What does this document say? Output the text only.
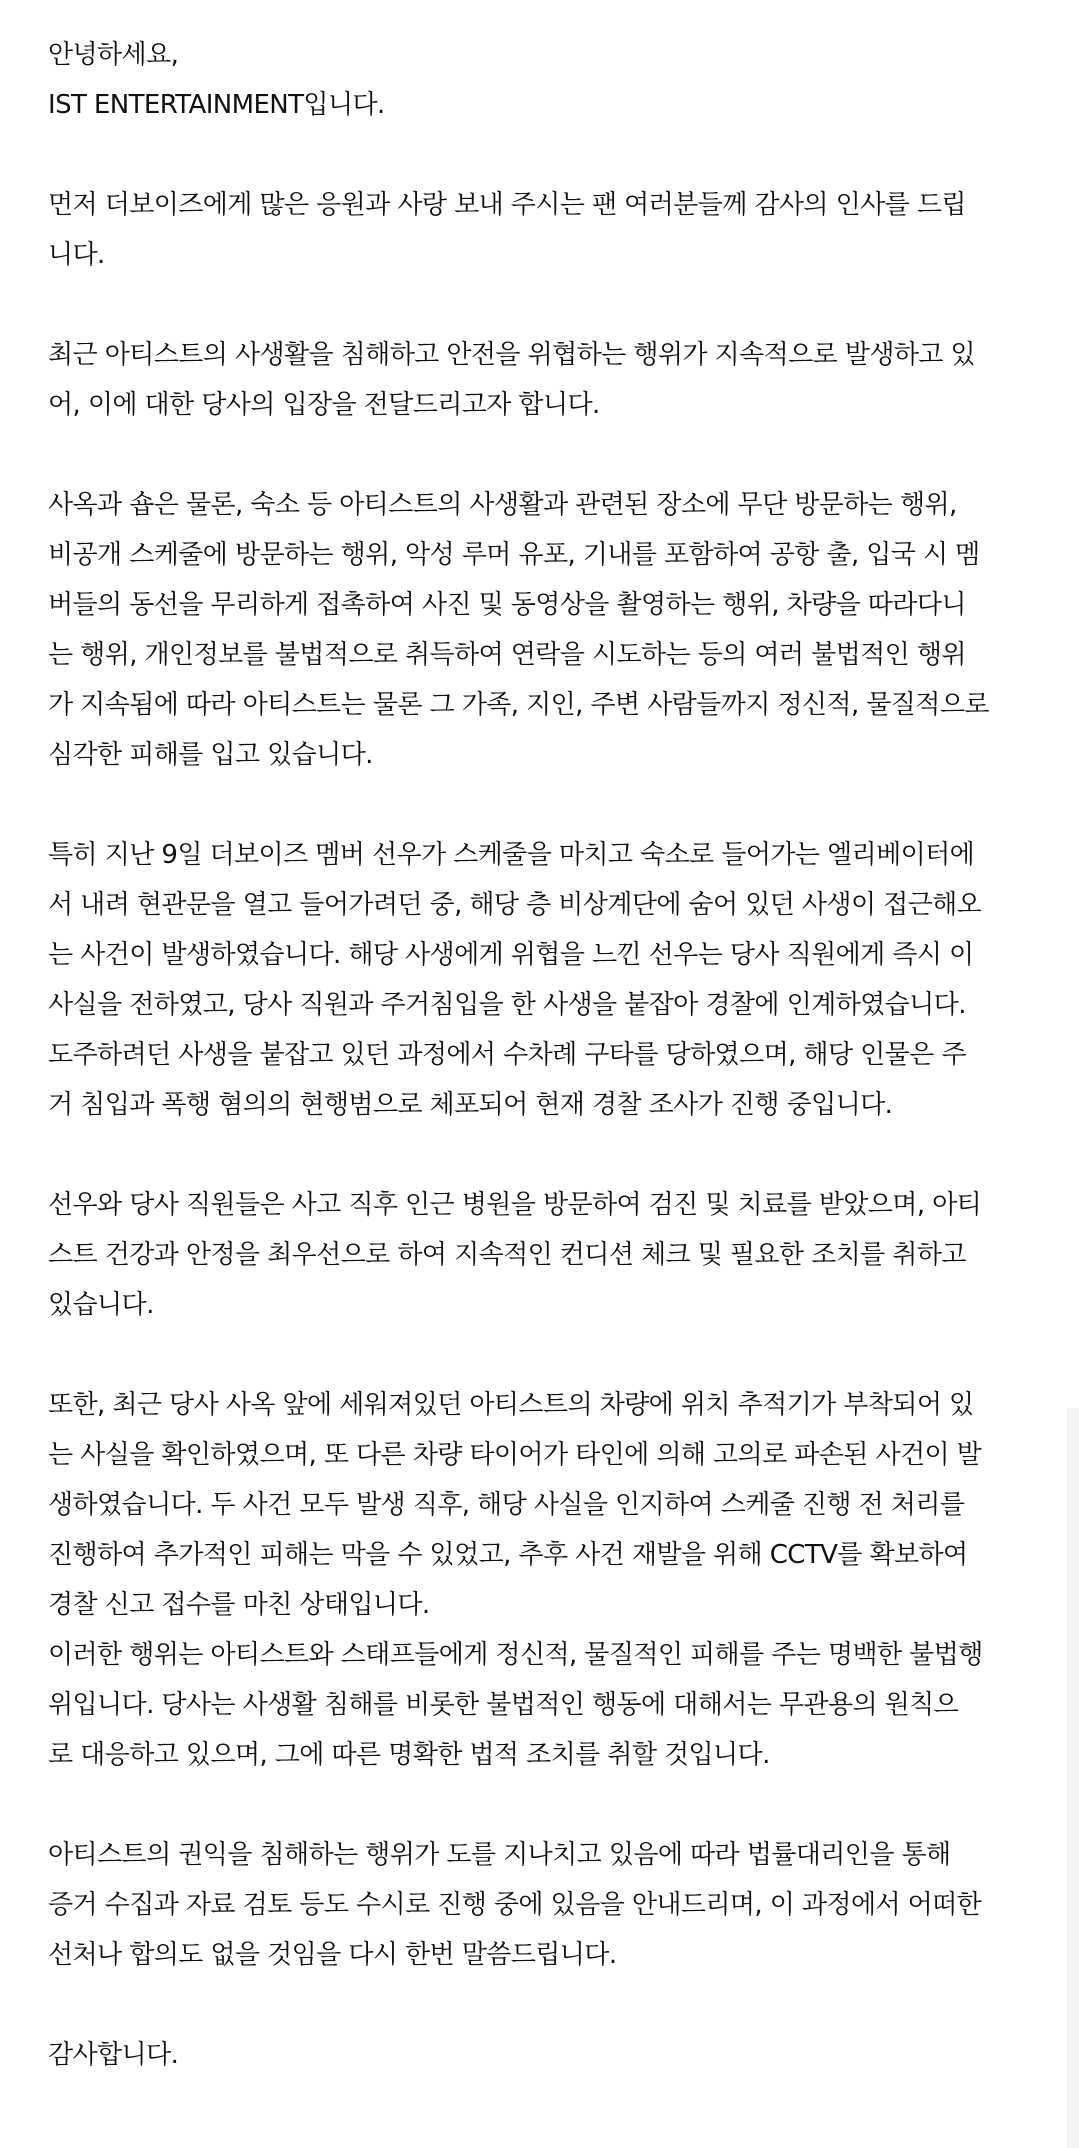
안녕하세요,
IST ENTERTAINMENT입니다.

먼저 더보이즈에게 많은 응원과 사랑 보내 주시는 팬 여러분들께 감사의 인사를 드립
니다.

최근 아티스트의 사생활을 침해하고 안전을 위협하는 행위가 지속적으로 발생하고 있
어, 이에 대한 당사의 입장을 전달드리고자 합니다.

사옥과 숍은 물론, 숙소 등 아티스트의 사생활과 관련된 장소에 무단 방문하는 행위,
비공개 스케줄에 방문하는 행위, 악성 루머 유포, 기내를 포함하여 공항 출, 입국 시 멤
버들의 동선을 무리하게 접촉하여 사진 및 동영상을 촬영하는 행위, 차량을 따라다니
는 행위, 개인정보를 불법적으로 취득하여 연락을 시도하는 등의 여러 불법적인 행위
가 지속됨에 따라 아티스트는 물론 그 가족, 지인, 주변 사람들까지 정신적, 물질적으로
심각한 피해를 입고 있습니다.

특히 지난 9일 더보이즈 멤버 선우가 스케줄을 마치고 숙소로 들어가는 엘리베이터에
서 내려 현관문을 열고 들어가려던 중, 해당 층 비상계단에 숨어 있던 사생이 접근해오
는 사건이 발생하였습니다. 해당 사생에게 위협을 느낀 선우는 당사 직원에게 즉시 이
사실을 전하였고, 당사 직원과 주거침입을 한 사생을 붙잡아 경찰에 인계하였습니다.
도주하려던 사생을 붙잡고 있던 과정에서 수차례 구타를 당하였으며, 해당 인물은 주
거 침입과 폭행 혐의의 현행범으로 체포되어 현재 경찰 조사가 진행 중입니다.

선우와 당사 직원들은 사고 직후 인근 병원을 방문하여 검진 및 치료를 받았으며, 아티
스트 건강과 안정을 최우선으로 하여 지속적인 컨디션 체크 및 필요한 조치를 취하고
있습니다.

또한, 최근 당사 사옥 앞에 세워져있던 아티스트의 차량에 위치 추적기가 부착되어 있
는 사실을 확인하였으며, 또 다른 차량 타이어가 타인에 의해 고의로 파손된 사건이 발
생하였습니다. 두 사건 모두 발생 직후, 해당 사실을 인지하여 스케줄 진행 전 처리를
진행하여 추가적인 피해는 막을 수 있었고, 추후 사건 재발을 위해 CCTV를 확보하여
경찰 신고 접수를 마친 상태입니다.

이러한 행위는 아티스트와 스태프들에게 정신적, 물질적인 피해를 주는 명백한 불법행
위입니다. 당사는 사생활 침해를 비롯한 불법적인 행동에 대해서는 무관용의 원칙으
로 대응하고 있으며, 그에 따른 명확한 법적 조치를 취할 것입니다.

아티스트의 권익을 침해하는 행위가 도를 지나치고 있음에 따라 법률대리인을 통해
증거 수집과 자료 검토 등도 수시로 진행 중에 있음을 안내드리며, 이 과정에서 어떠한
선처나 합의도 없을 것임을 다시 한번 말씀드립니다.

감사합니다.
